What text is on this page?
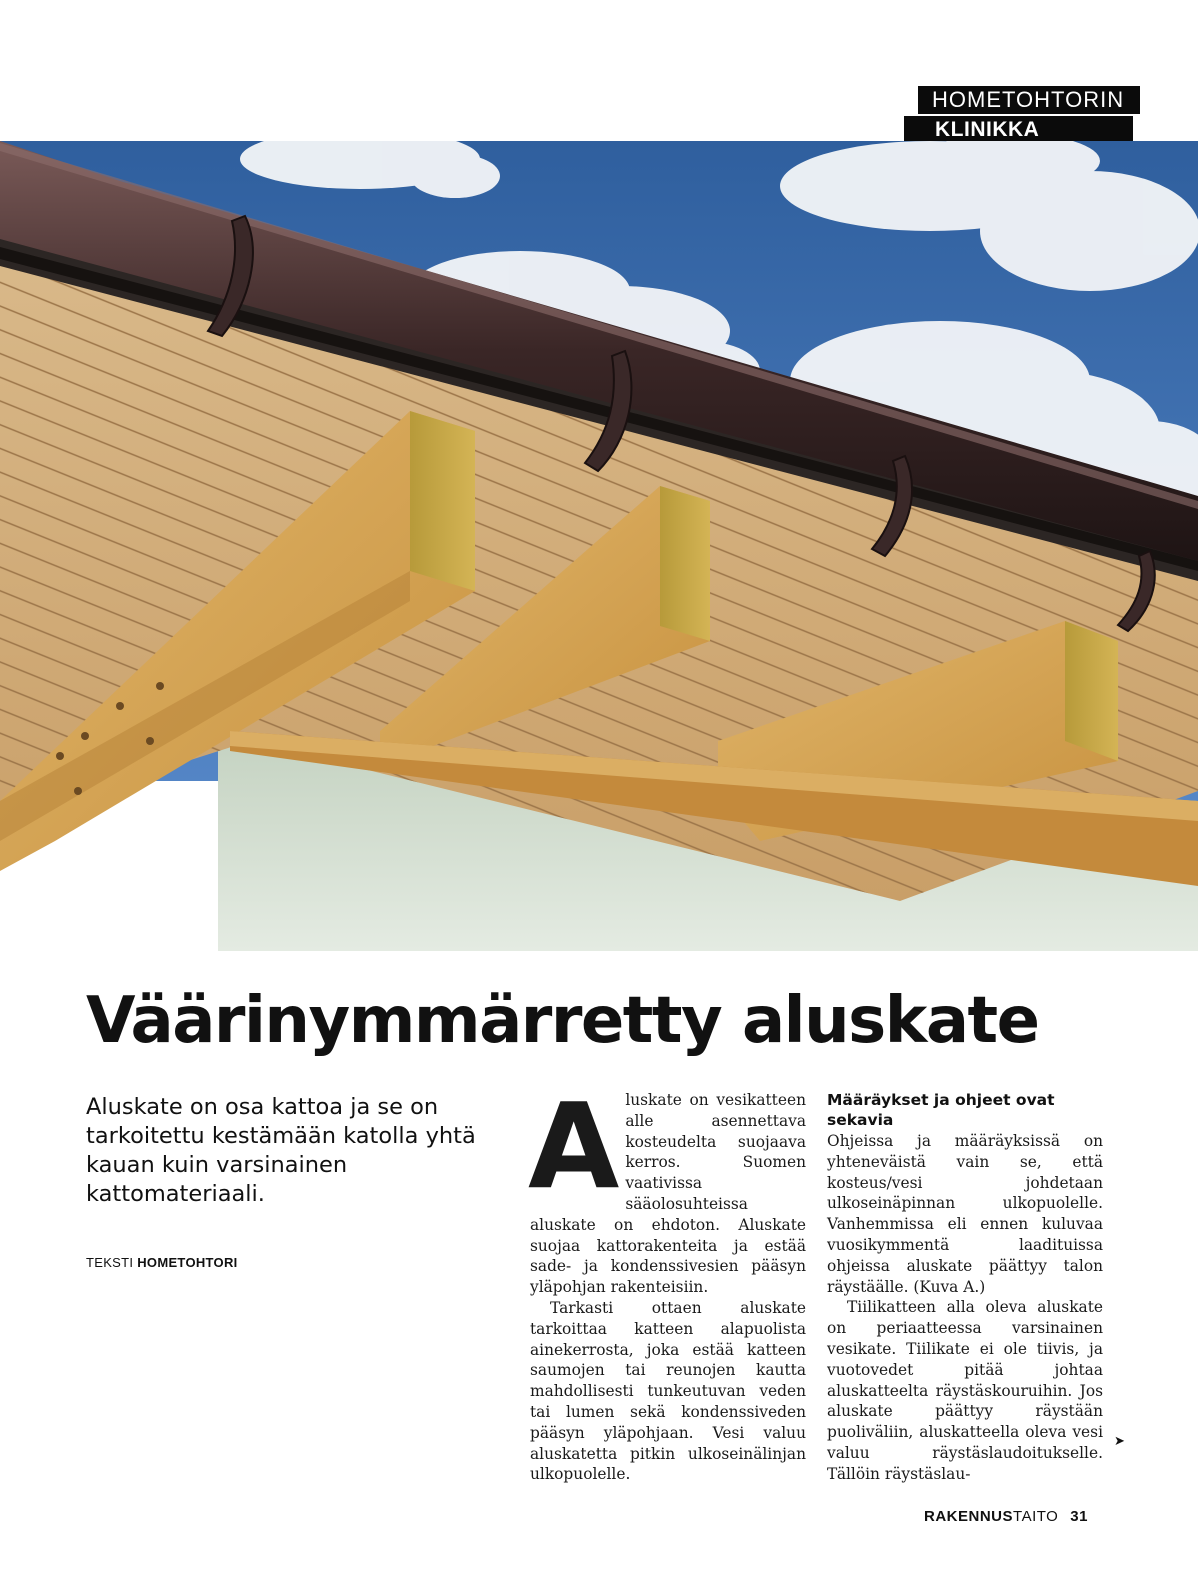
HOMETOHTORIN
KLINIKKA
Väärinymmärretty aluskate
Aluskate on osa kattoa ja se on tarkoitettu kestämään katolla yhtä kauan kuin varsinainen kattomateriaali.
TEKSTI HOMETOHTORI
A luskate on vesikatteen alle asennettava kosteudelta suojaava kerros. Suomen vaativissa sääolosuhteissa aluskate on ehdoton. Aluskate suojaa kattorakenteita ja estää sade- ja kondenssivesien pääsyn yläpohjan rakenteisiin.

Tarkasti ottaen aluskate tarkoittaa katteen alapuolista ainekerrosta, joka estää katteen saumojen tai reunojen kautta mahdollisesti tunkeutuvan veden tai lumen sekä kondenssiveden pääsyn yläpohjaan. Vesi valuu aluskatetta pitkin ulkoseinälinjan ulkopuolelle.

Määräykset ja ohjeet ovat sekavia

Ohjeissa ja määräyksissä on yhteneväistä vain se, että kosteus/vesi johdetaan ulkoseinäpinnan ulkopuolelle. Vanhemmissa eli ennen kuluvaa vuosikymmentä laadituissa ohjeissa aluskate päättyy talon räystäälle. (Kuva A.)

Tiilikatteen alla oleva aluskate on periaatteessa varsinainen vesikate. Tiilikate ei ole tiivis, ja vuotovedet pitää johtaa aluskatteelta räystäskouruihin. Jos aluskate päättyy räystään puoliväliin, aluskatteella oleva vesi valuu räystäslaudoitukselle. Tällöin räystäslau-

➤
RAKENNUSTAITO 31
